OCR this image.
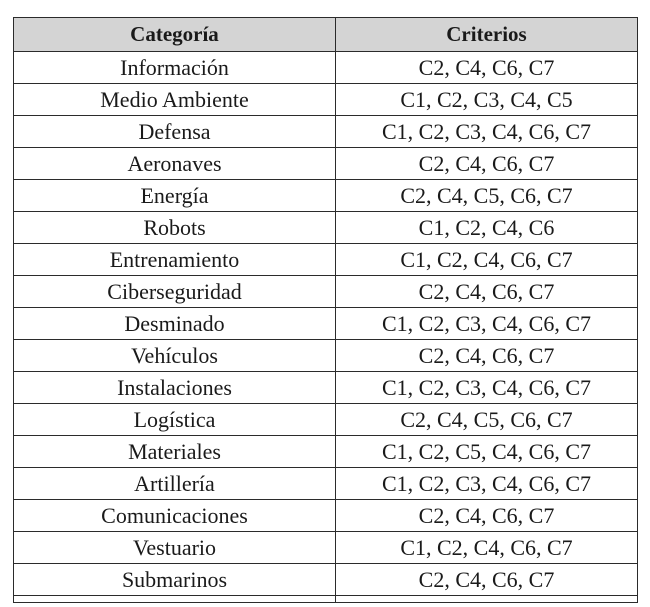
Categoría	Criterios
Información	C2, C4, C6, C7
Medio Ambiente	C1, C2, C3, C4, C5
Defensa	C1, C2, C3, C4, C6, C7
Aeronaves	C2, C4, C6, C7
Energía	C2, C4, C5, C6, C7
Robots	C1, C2, C4, C6
Entrenamiento	C1, C2, C4, C6, C7
Ciberseguridad	C2, C4, C6, C7
Desminado	C1, C2, C3, C4, C6, C7
Vehículos	C2, C4, C6, C7
Instalaciones	C1, C2, C3, C4, C6, C7
Logística	C2, C4, C5, C6, C7
Materiales	C1, C2, C5, C4, C6, C7
Artillería	C1, C2, C3, C4, C6, C7
Comunicaciones	C2, C4, C6, C7
Vestuario	C1, C2, C4, C6, C7
Submarinos	C2, C4, C6, C7
